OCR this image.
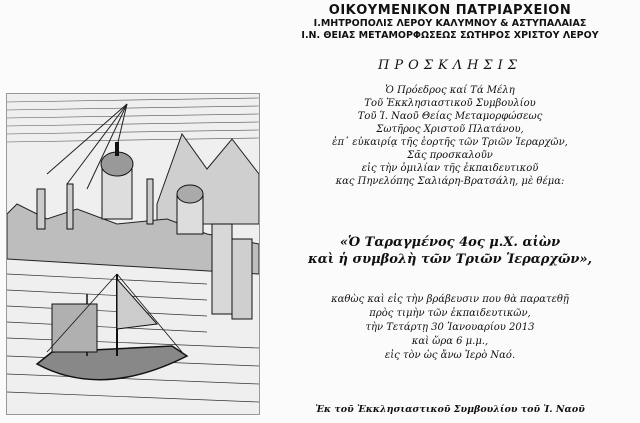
ΟΙΚΟΥΜΕΝΙΚΟΝ ΠΑΤΡΙΑΡΧΕΙΟΝ
Ι.ΜΗΤΡΟΠΟΛΙΣ ΛΕΡΟΥ ΚΑΛΥΜΝΟΥ & ΑΣΤΥΠΑΛΑΙΑΣ
Ι.Ν. ΘΕΙΑΣ ΜΕΤΑΜΟΡΦΩΣΕΩΣ ΣΩΤΗΡΟΣ ΧΡΙΣΤΟΥ ΛΕΡΟΥ
ΠΡΟΣΚΛΗΣΙΣ
Ὁ Πρόεδρος καί Τά Μέλη
Τοῦ Ἐκκλησιαστικοῦ Συμβουλίου
Τοῦ Ἱ. Ναοῦ Θείας Μεταμορφώσεως
Σωτῆρος Χριστοῦ Πλατάνου,
ἐπ᾽ εὐκαιρίᾳ τῆς ἑορτῆς τῶν Τριῶν Ἱεραρχῶν,
Σᾶς προσκαλοῦν
εἰς τὴν ὁμιλίαν τῆς ἐκπαιδευτικοῦ
κας Πηνελόπης Σαλιάρη-Βρατσάλη, μὲ θέμα:
«Ὁ Ταραγμένος 4ος μ.Χ. αἰὼν
καὶ ἡ συμβολὴ τῶν Τριῶν Ἱεραρχῶν»,
καθὼς καὶ εἰς τὴν βράβευσιν που θὰ παρατεθῇ
πρὸς τιμὴν τῶν ἐκπαιδευτικῶν,
τὴν Τετάρτῃ 30 Ἰανουαρίου 2013
καὶ ὥρα 6 μ.μ.,
εἰς τὸν ὡς ἄνω Ἱερὸ Ναό.
Ἐκ τοῦ Ἐκκλησιαστικοῦ Συμβουλίου τοῦ Ἱ. Ναοῦ
